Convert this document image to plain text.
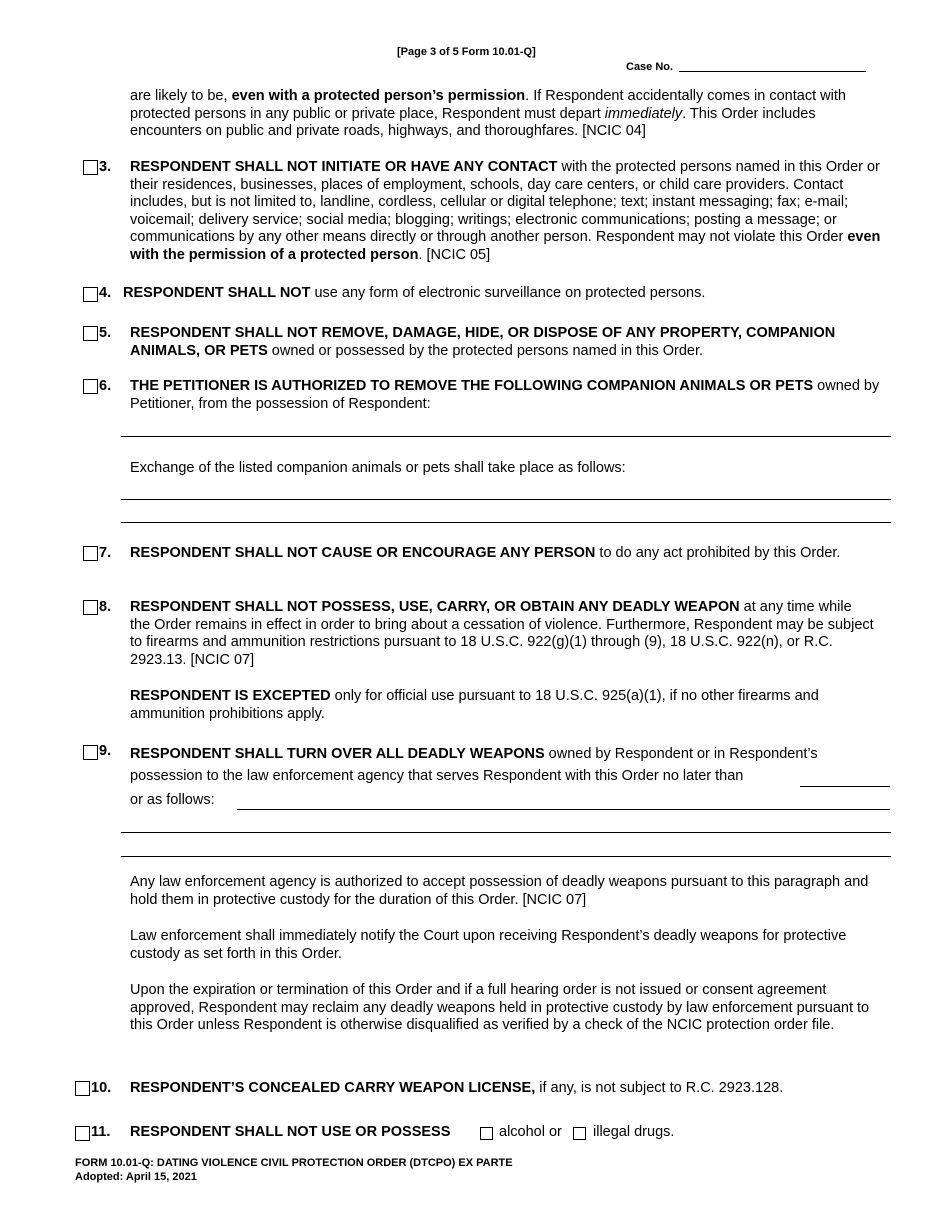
[Page 3 of 5 Form 10.01-Q]
Case No.
are likely to be, even with a protected person’s permission. If Respondent accidentally comes in contact with protected persons in any public or private place, Respondent must depart immediately. This Order includes encounters on public and private roads, highways, and thoroughfares. [NCIC 04]
3. RESPONDENT SHALL NOT INITIATE OR HAVE ANY CONTACT with the protected persons named in this Order or their residences, businesses, places of employment, schools, day care centers, or child care providers. Contact includes, but is not limited to, landline, cordless, cellular or digital telephone; text; instant messaging; fax; e-mail; voicemail; delivery service; social media; blogging; writings; electronic communications; posting a message; or communications by any other means directly or through another person. Respondent may not violate this Order even with the permission of a protected person. [NCIC 05]
4. RESPONDENT SHALL NOT use any form of electronic surveillance on protected persons.
5. RESPONDENT SHALL NOT REMOVE, DAMAGE, HIDE, OR DISPOSE OF ANY PROPERTY, COMPANION ANIMALS, OR PETS owned or possessed by the protected persons named in this Order.
6. THE PETITIONER IS AUTHORIZED TO REMOVE THE FOLLOWING COMPANION ANIMALS OR PETS owned by Petitioner, from the possession of Respondent:
Exchange of the listed companion animals or pets shall take place as follows:
7. RESPONDENT SHALL NOT CAUSE OR ENCOURAGE ANY PERSON to do any act prohibited by this Order.
8. RESPONDENT SHALL NOT POSSESS, USE, CARRY, OR OBTAIN ANY DEADLY WEAPON at any time while the Order remains in effect in order to bring about a cessation of violence. Furthermore, Respondent may be subject to firearms and ammunition restrictions pursuant to 18 U.S.C. 922(g)(1) through (9), 18 U.S.C. 922(n), or R.C. 2923.13. [NCIC 07]
RESPONDENT IS EXCEPTED only for official use pursuant to 18 U.S.C. 925(a)(1), if no other firearms and ammunition prohibitions apply.
9. RESPONDENT SHALL TURN OVER ALL DEADLY WEAPONS owned by Respondent or in Respondent’s
possession to the law enforcement agency that serves Respondent with this Order no later than
or as follows:
Any law enforcement agency is authorized to accept possession of deadly weapons pursuant to this paragraph and hold them in protective custody for the duration of this Order. [NCIC 07]
Law enforcement shall immediately notify the Court upon receiving Respondent’s deadly weapons for protective custody as set forth in this Order.
Upon the expiration or termination of this Order and if a full hearing order is not issued or consent agreement approved, Respondent may reclaim any deadly weapons held in protective custody by law enforcement pursuant to this Order unless Respondent is otherwise disqualified as verified by a check of the NCIC protection order file.
10. RESPONDENT’S CONCEALED CARRY WEAPON LICENSE, if any, is not subject to R.C. 2923.128.
11. RESPONDENT SHALL NOT USE OR POSSESS	alcohol or illegal drugs.
FORM 10.01-Q: DATING VIOLENCE CIVIL PROTECTION ORDER (DTCPO) EX PARTE
Adopted: April 15, 2021
